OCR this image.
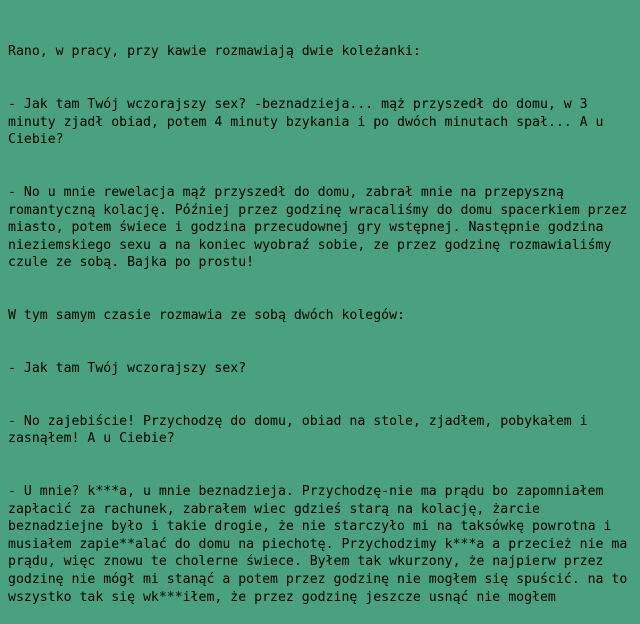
Rano, w pracy, przy kawie rozmawiają dwie koleżanki:

- Jak tam Twój wczorajszy sex? -beznadzieja... mąż przyszedł do domu, w 3 minuty zjadł obiad, potem 4 minuty bzykania i po dwóch minutach spał... A u Ciebie?

- No u mnie rewelacja mąż przyszedł do domu, zabrał mnie na przepyszną romantyczną kolację. Później przez godzinę wracaliśmy do domu spacerkiem przez miasto, potem świece i godzina przecudownej gry wstępnej. Następnie godzina nieziemskiego sexu a na koniec wyobraź sobie, ze przez godzinę rozmawialiśmy czule ze sobą. Bajka po prostu!

W tym samym czasie rozmawia ze sobą dwóch kolegów:

- Jak tam Twój wczorajszy sex?

- No zajebiście! Przychodzę do domu, obiad na stole, zjadłem, pobykałem i zasnąłem! A u Ciebie?

- U mnie? k***a, u mnie beznadzieja. Przychodzę-nie ma prądu bo zapomniałem zapłacić za rachunek, zabrałem wiec gdzieś starą na kolację, żarcie beznadziejne było i takie drogie, że nie starczyło mi na taksówkę powrotna i musiałem zapie**alać do domu na piechotę. Przychodzimy k***a a przecież nie ma prądu, więc znowu te cholerne świece. Byłem tak wkurzony, że najpierw przez godzinę nie mógł mi stanąć a potem przez godzinę nie mogłem się spuścić. na to wszystko tak się wk***iłem, że przez godzinę jeszcze usnąć nie mogłem
